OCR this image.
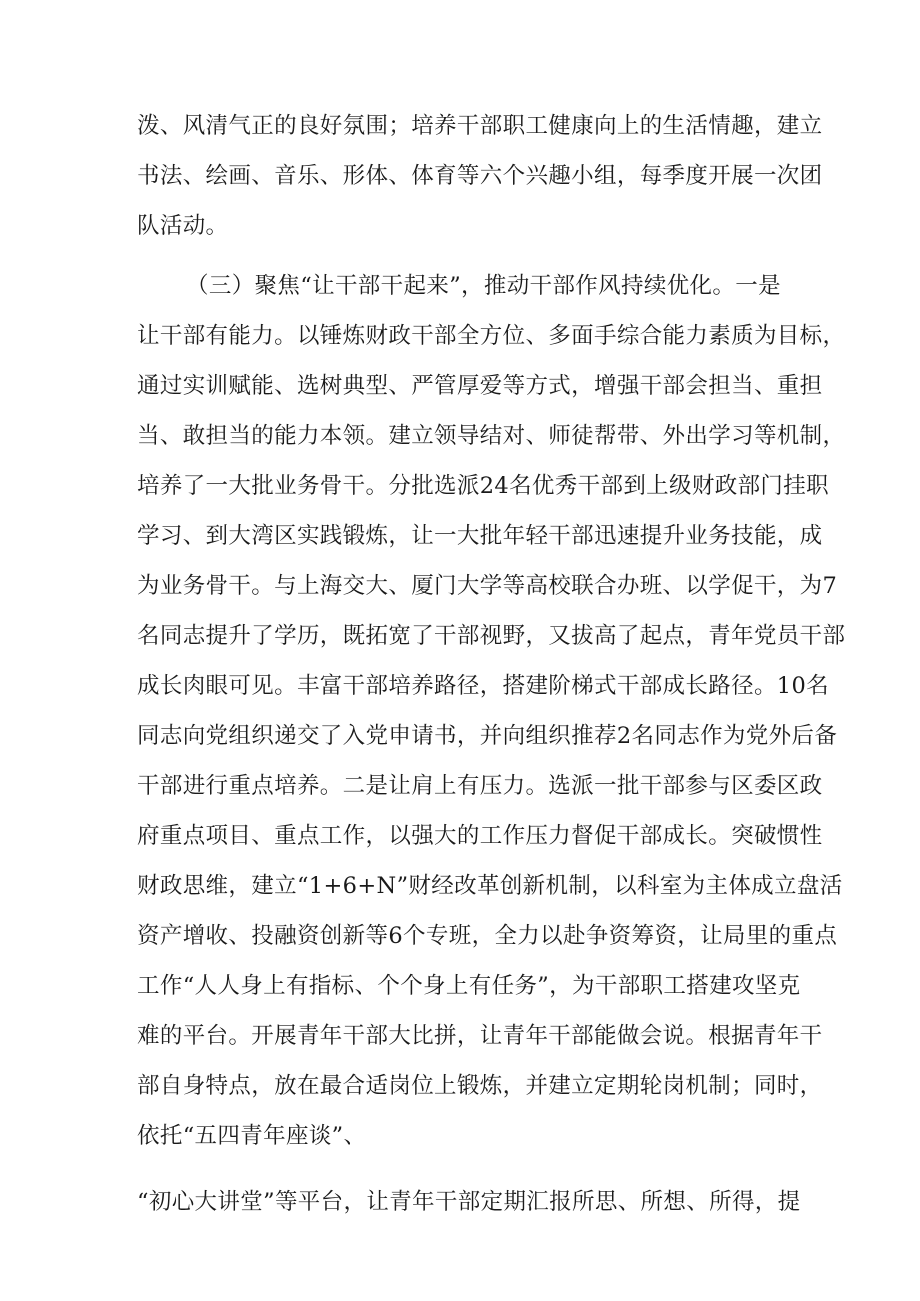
泼、风清气正的良好氛围；培养干部职工健康向上的生活情趣，建立
书法、绘画、音乐、形体、体育等六个兴趣小组，每季度开展一次团
队活动。
（三）聚焦“让干部干起来”，推动干部作风持续优化。一是
让干部有能力。以锤炼财政干部全方位、多面手综合能力素质为目标，
通过实训赋能、选树典型、严管厚爱等方式，增强干部会担当、重担
当、敢担当的能力本领。建立领导结对、师徒帮带、外出学习等机制，
培养了一大批业务骨干。分批选派24名优秀干部到上级财政部门挂职
学习、到大湾区实践锻炼，让一大批年轻干部迅速提升业务技能，成
为业务骨干。与上海交大、厦门大学等高校联合办班、以学促干，为7
名同志提升了学历，既拓宽了干部视野，又拔高了起点，青年党员干部
成长肉眼可见。丰富干部培养路径，搭建阶梯式干部成长路径。10名
同志向党组织递交了入党申请书，并向组织推荐2名同志作为党外后备
干部进行重点培养。二是让肩上有压力。选派一批干部参与区委区政
府重点项目、重点工作，以强大的工作压力督促干部成长。突破惯性
财政思维，建立“1+6+N”财经改革创新机制，以科室为主体成立盘活
资产增收、投融资创新等6个专班，全力以赴争资筹资，让局里的重点
工作“人人身上有指标、个个身上有任务”，为干部职工搭建攻坚克
难的平台。开展青年干部大比拼，让青年干部能做会说。根据青年干
部自身特点，放在最合适岗位上锻炼，并建立定期轮岗机制；同时，
依托“五四青年座谈”、
“初心大讲堂”等平台，让青年干部定期汇报所思、所想、所得，提
